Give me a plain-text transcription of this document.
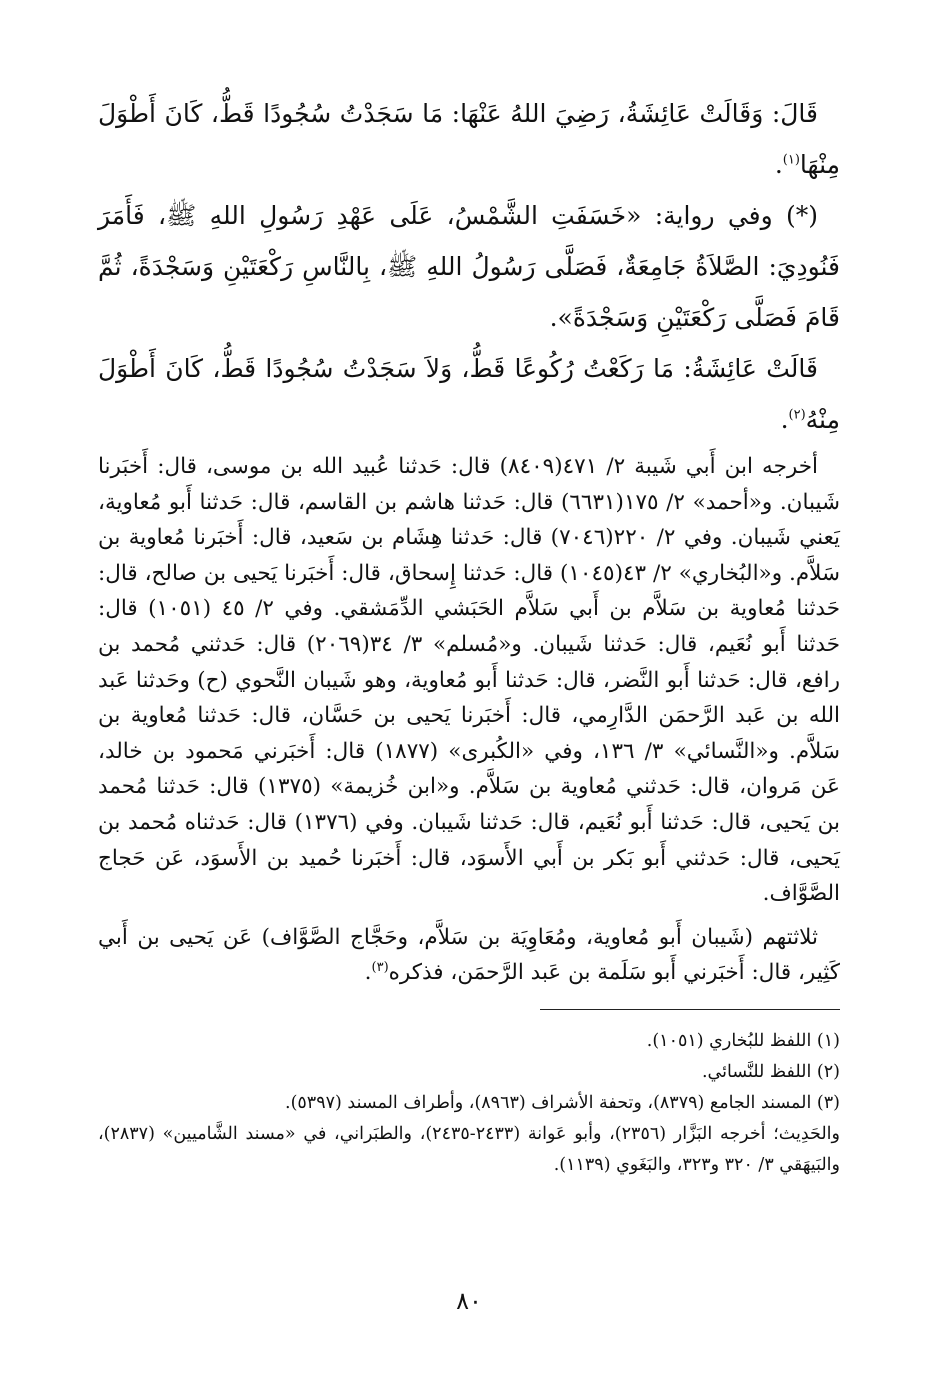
قَالَ: وَقَالَتْ عَائِشَةُ، رَضِيَ اللهُ عَنْهَا: مَا سَجَدْتُ سُجُودًا قَطُّ، كَانَ أَطْوَلَ مِنْهَا$^{(١)}$.

(*) وفي رواية: «خَسَفَتِ الشَّمْسُ، عَلَى عَهْدِ رَسُولِ اللهِ ﷺ، فَأَمَرَ فَنُودِيَ: الصَّلاَةُ جَامِعَةٌ، فَصَلَّى رَسُولُ اللهِ ﷺ، بِالنَّاسِ رَكْعَتَيْنِ وَسَجْدَةً، ثُمَّ قَامَ فَصَلَّى رَكْعَتَيْنِ وَسَجْدَةً».

قَالَتْ عَائِشَةُ: مَا رَكَعْتُ رُكُوعًا قَطُّ، وَلاَ سَجَدْتُ سُجُودًا قَطُّ، كَانَ أَطْوَلَ مِنْهُ$^{(٢)}$.

أخرجه ابن أَبي شَيبة ٢/ ٤٧١(٨٤٠٩) قال: حَدثنا عُبيد الله بن موسى، قال: أَخبَرنا شَيبان. و«أحمد» ٢/ ١٧٥(٦٦٣١) قال: حَدثنا هاشم بن القاسم، قال: حَدثنا أَبو مُعاوية، يَعني شَيبان. وفي ٢/ ٢٢٠(٧٠٤٦) قال: حَدثنا هِشَام بن سَعيد، قال: أَخبَرنا مُعاوية بن سَلاَّم. و«البُخاري» ٢/ ٤٣(١٠٤٥) قال: حَدثنا إِسحاق، قال: أَخبَرنا يَحيى بن صالح، قال: حَدثنا مُعاوية بن سَلاَّم بن أَبي سَلاَّم الحَبَشي الدِّمَشقي. وفي ٢/ ٤٥ (١٠٥١) قال: حَدثنا أَبو نُعَيم، قال: حَدثنا شَيبان. و«مُسلم» ٣/ ٣٤(٢٠٦٩) قال: حَدثني مُحمد بن رافع، قال: حَدثنا أَبو النَّضر، قال: حَدثنا أَبو مُعاوية، وهو شَيبان النَّحوي (ح) وحَدثنا عَبد الله بن عَبد الرَّحمَن الدَّارِمي، قال: أَخبَرنا يَحيى بن حَسَّان، قال: حَدثنا مُعاوية بن سَلاَّم. و«النَّسائي» ٣/ ١٣٦، وفي «الكُبرى» (١٨٧٧) قال: أَخبَرني مَحمود بن خالد، عَن مَروان، قال: حَدثني مُعاوية بن سَلاَّم. و«ابن خُزيمة» (١٣٧٥) قال: حَدثنا مُحمد بن يَحيى، قال: حَدثنا أَبو نُعَيم، قال: حَدثنا شَيبان. وفي (١٣٧٦) قال: حَدثناه مُحمد بن يَحيى، قال: حَدثني أَبو بَكر بن أَبي الأَسوَد، قال: أَخبَرنا حُميد بن الأَسوَد، عَن حَجاج الصَّوَّاف.

ثلاثتهم (شَيبان أَبو مُعاوية، ومُعَاوِيَة بن سَلاَّم، وحَجَّاج الصَّوَّاف) عَن يَحيى بن أَبي كَثِير، قال: أَخبَرني أَبو سَلَمة بن عَبد الرَّحمَن، فذكره$^{(٣)}$.

(١) اللفظ للبُخاري (١٠٥١).

(٢) اللفظ للنَّسائي.

(٣) المسند الجامع (٨٣٧٩)، وتحفة الأشراف (٨٩٦٣)، وأطراف المسند (٥٣٩٧).

والحَدِيث؛ أخرجه البَزَّار (٢٣٥٦)، وأبو عَوانة (٢٤٣٣-٢٤٣٥)، والطبَراني، في «مسند الشَّاميين» (٢٨٣٧)، والبَيهَقي ٣/ ٣٢٠ و٣٢٣، والبَغَوي (١١٣٩).

٨٠
